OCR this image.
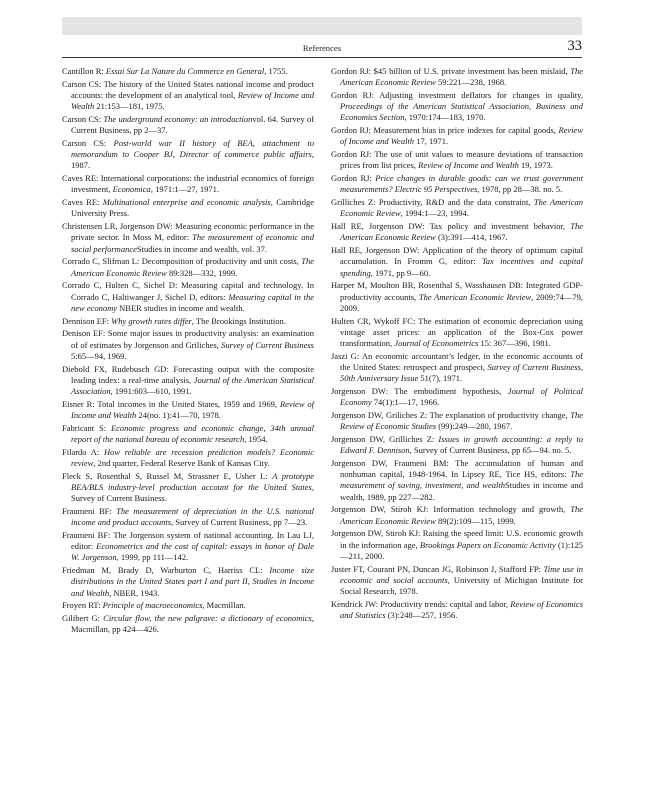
References	33

Cantillon R: Essai Sur La Nature du Commerce en General, 1755.

Carson CS: The history of the United States national income and product accounts: the development of an analytical tool, Review of Income and Wealth 21:153—181, 1975.

Carson CS: The underground economy: an introductionvol. 64. Survey of Current Business, pp 2—37.

Carson CS: Post-world war II history of BEA, attachment to memorandum to Cooper BJ, Director of commerce public affairs, 1987.

Caves RE: International corporations: the industrial economics of foreign investment, Economica, 1971:1—27, 1971.

Caves RE: Multinational enterprise and economic analysis, Cambridge University Press.

Christensen LR, Jorgenson DW: Measuring economic performance in the private sector. In Moss M, editor: The measurement of economic and social performanceStudies in income and wealth, vol. 37.

Corrado C, Slifman L: Decomposition of productivity and unit costs, The American Economic Review 89:328—332, 1999.

Corrado C, Hulten C, Sichel D: Measuring capital and technology. In Corrado C, Haltiwanger J, Sichel D, editors: Measuring capital in the new economy NBER studies in income and wealth.

Dennison EF: Why growth rates differ, The Brookings Institution.

Denison EF: Some major issues in productivity analysis: an examination of of estimates by Jorgenson and Griliches, Survey of Current Business 5:65—94, 1969.

Diebold FX, Rudebusch GD: Forecasting output with the composite leading index: a real-time analysis, Journal of the American Statistical Association, 1991:603—610, 1991.

Eisner R: Total incomes in the United States, 1959 and 1969, Review of Income and Wealth 24(no. 1):41—70, 1978.

Fabricant S: Economic progress and economic change, 34th annual report of the national bureau of economic research, 1954.

Filardo A: How reliable are recession prediction models? Economic review, 2nd quarter, Federal Reserve Bank of Kansas City.

Fleck S, Rosenthal S, Russel M, Strassner E, Usher L: A prototype BEA/BLS industry-level production account for the United States, Survey of Current Business.

Fraumeni BF: The measurement of depreciation in the U.S. national income and product accounts, Survey of Current Business, pp 7—23.

Fraumeni BF: The Jorgenson system of national accounting. In Lau LJ, editor: Econometrics and the cost of capital: essays in honor of Dale W. Jorgenson, 1999, pp 111—142.

Friedman M, Brady D, Warburton C, Harriss CL: Income size distributions in the United States part I and part II, Studies in Income and Wealth, NBER, 1943.

Froyen RT: Principle of macroeconomics, Macmillan.

Gilibert G: Circular flow, the new palgrave: a dictionary of economics, Macmillan, pp 424—426.

Gordon RJ: $45 billion of U.S. private investment has been mislaid, The American Economic Review 59:221—238, 1968.

Gordon RJ: Adjusting investment deflators for changes in quality, Proceedings of the American Statistical Association, Business and Economics Section, 1970:174—183, 1970.

Gordon RJ: Measurement bias in price indexes for capital goods, Review of Income and Wealth 17, 1971.

Gordon RJ: The use of unit values to measure deviations of transaction prices from list prices, Review of Income and Wealth 19, 1973.

Gordon RJ: Price changes in durable goods: can we trust government measurements? Electric 95 Perspectives, 1978, pp 28—38. no. 5.

Grilliches Z: Productivity, R&D and the data constraint, The American Economic Review, 1994:1—23, 1994.

Hall RE, Jorgenson DW: Tax policy and investment behavior, The American Economic Review (3):391—414, 1967.

Hall RE, Jorgenson DW: Application of the theory of optimum capital accumulation. In Fromm G, editor: Tax incentives and capital spending, 1971, pp 9—60.

Harper M, Moulton BR, Rosenthal S, Wasshausen DB: Integrated GDP-productivity accounts, The American Economic Review, 2009:74—79, 2009.

Hulten CR, Wykoff FC: The estimation of economic depreciation using vintage asset prices: an application of the Box-Cox power transformation, Journal of Econometrics 15: 367—396, 1981.

Jaszi G: An economic accountant’s ledger, in the economic accounts of the United States: retrospect and prospect, Survey of Current Business, 50th Anniversary Issue 51(7), 1971.

Jorgenson DW: The embodiment hypothesis, Journal of Political Economy 74(1):1—17, 1966.

Jorgenson DW, Griliches Z: The explanation of productivity change, The Review of Economic Studies (99):249—280, 1967.

Jorgenson DW, Grilliches Z: Issues in growth accounting: a reply to Edward F. Dennison, Survey of Current Business, pp 65—94. no. 5.

Jorgenson DW, Fraumeni BM: The accumulation of human and nonhuman capital, 1948-1964. In Lipsey RE, Tice HS, editors: The measurement of saving, investment, and wealthStudies in income and wealth, 1989, pp 227—282.

Jorgenson DW, Stiroh KJ: Information technology and growth, The American Economic Review 89(2):109—115, 1999.

Jorgenson DW, Stiroh KJ: Raising the speed limit: U.S. economic growth in the information age, Brookings Papers on Economic Activity (1):125—211, 2000.

Juster FT, Courant PN, Duncan JG, Robinson J, Stafford FP: Time use in economic and social accounts, University of Michigan Institute for Social Research, 1978.

Kendrick JW: Productivity trends: capital and labor, Review of Economics and Statistics (3):248—257, 1956.
